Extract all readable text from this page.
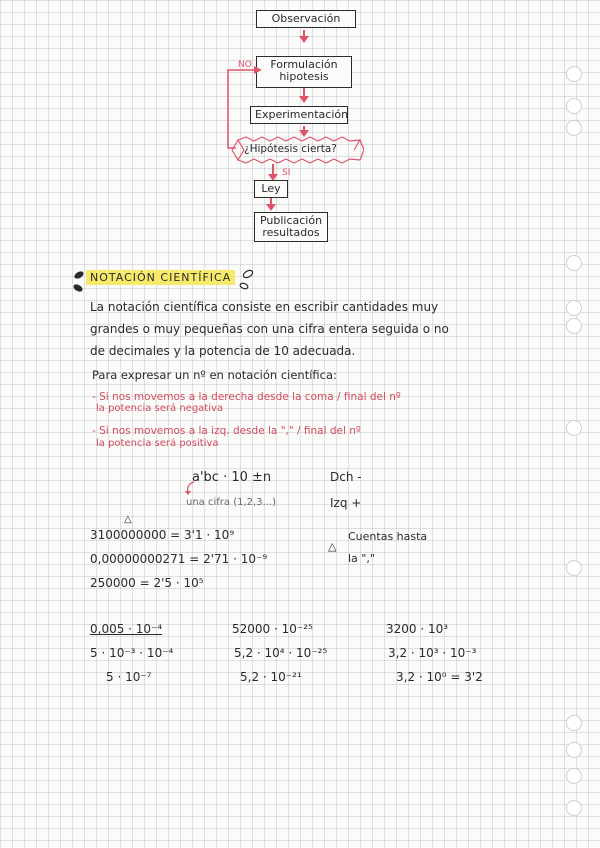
Observación
Formulación
hipotesis
Experimentación
¿Hipótesis cierta?
NO
SI
Ley
Publicación
resultados
NOTACIÓN CIENTÍFICA
La notación científica consiste en escribir cantidades muy
grandes o muy pequeñas con una cifra entera seguida o no
de decimales y la potencia de 10 adecuada.
Para expresar un nº en notación científica:
- Si nos movemos a la derecha desde la coma / final del nº
la potencia será negativa
- Si nos movemos a la izq. desde la "," / final del nº
la potencia será positiva
a'bc · 10 ±n	Dch -
una cifra (1,2,3...)	Izq +
3100000000 = 3'1 · 10⁹
0,00000000271 = 2'71 · 10⁻⁹
250000 = 2'5 · 10⁵
△
△
Cuentas hasta
la ","
0,005 · 10⁻⁴
5 · 10⁻³ · 10⁻⁴
5 · 10⁻⁷
52000 · 10⁻²⁵
5,2 · 10⁴ · 10⁻²⁵
5,2 · 10⁻²¹
3200 · 10³
3,2 · 10³ · 10⁻³
3,2 · 10⁰ = 3'2
